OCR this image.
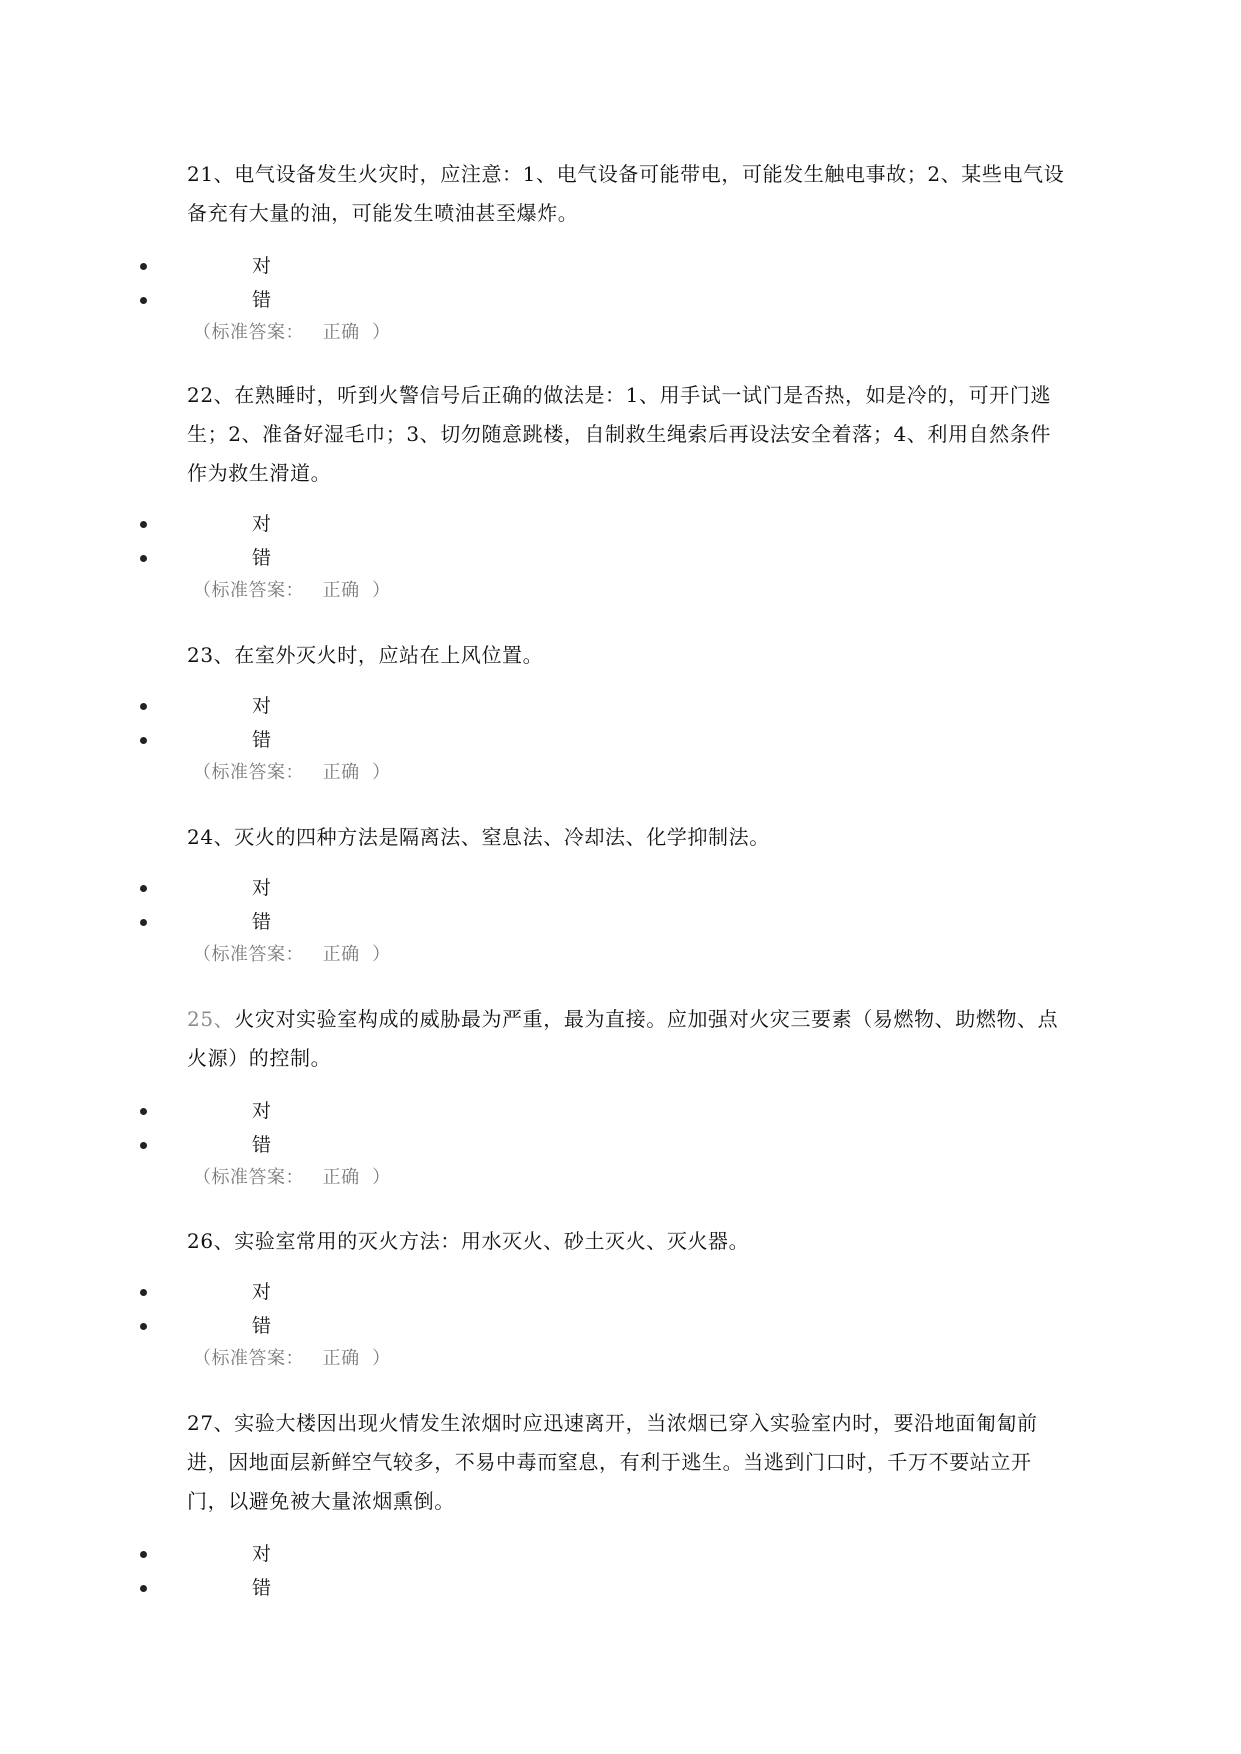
21、电气设备发生火灾时，应注意：1、电气设备可能带电，可能发生触电事故；2、某些电气设备充有大量的油，可能发生喷油甚至爆炸。

对
错
（标准答案：   正确  ）

22、在熟睡时，听到火警信号后正确的做法是：1、用手试一试门是否热，如是冷的，可开门逃生；2、准备好湿毛巾；3、切勿随意跳楼，自制救生绳索后再设法安全着落；4、利用自然条件作为救生滑道。

对
错
（标准答案：   正确  ）

23、在室外灭火时，应站在上风位置。

对
错
（标准答案：   正确  ）

24、灭火的四种方法是隔离法、窒息法、冷却法、化学抑制法。

对
错
（标准答案：   正确  ）

25、火灾对实验室构成的威胁最为严重，最为直接。应加强对火灾三要素（易燃物、助燃物、点火源）的控制。

对
错
（标准答案：   正确  ）

26、实验室常用的灭火方法：用水灭火、砂土灭火、灭火器。

对
错
（标准答案：   正确  ）

27、实验大楼因出现火情发生浓烟时应迅速离开，当浓烟已穿入实验室内时，要沿地面匍匐前进，因地面层新鲜空气较多，不易中毒而窒息，有利于逃生。当逃到门口时，千万不要站立开门，以避免被大量浓烟熏倒。

对
错
